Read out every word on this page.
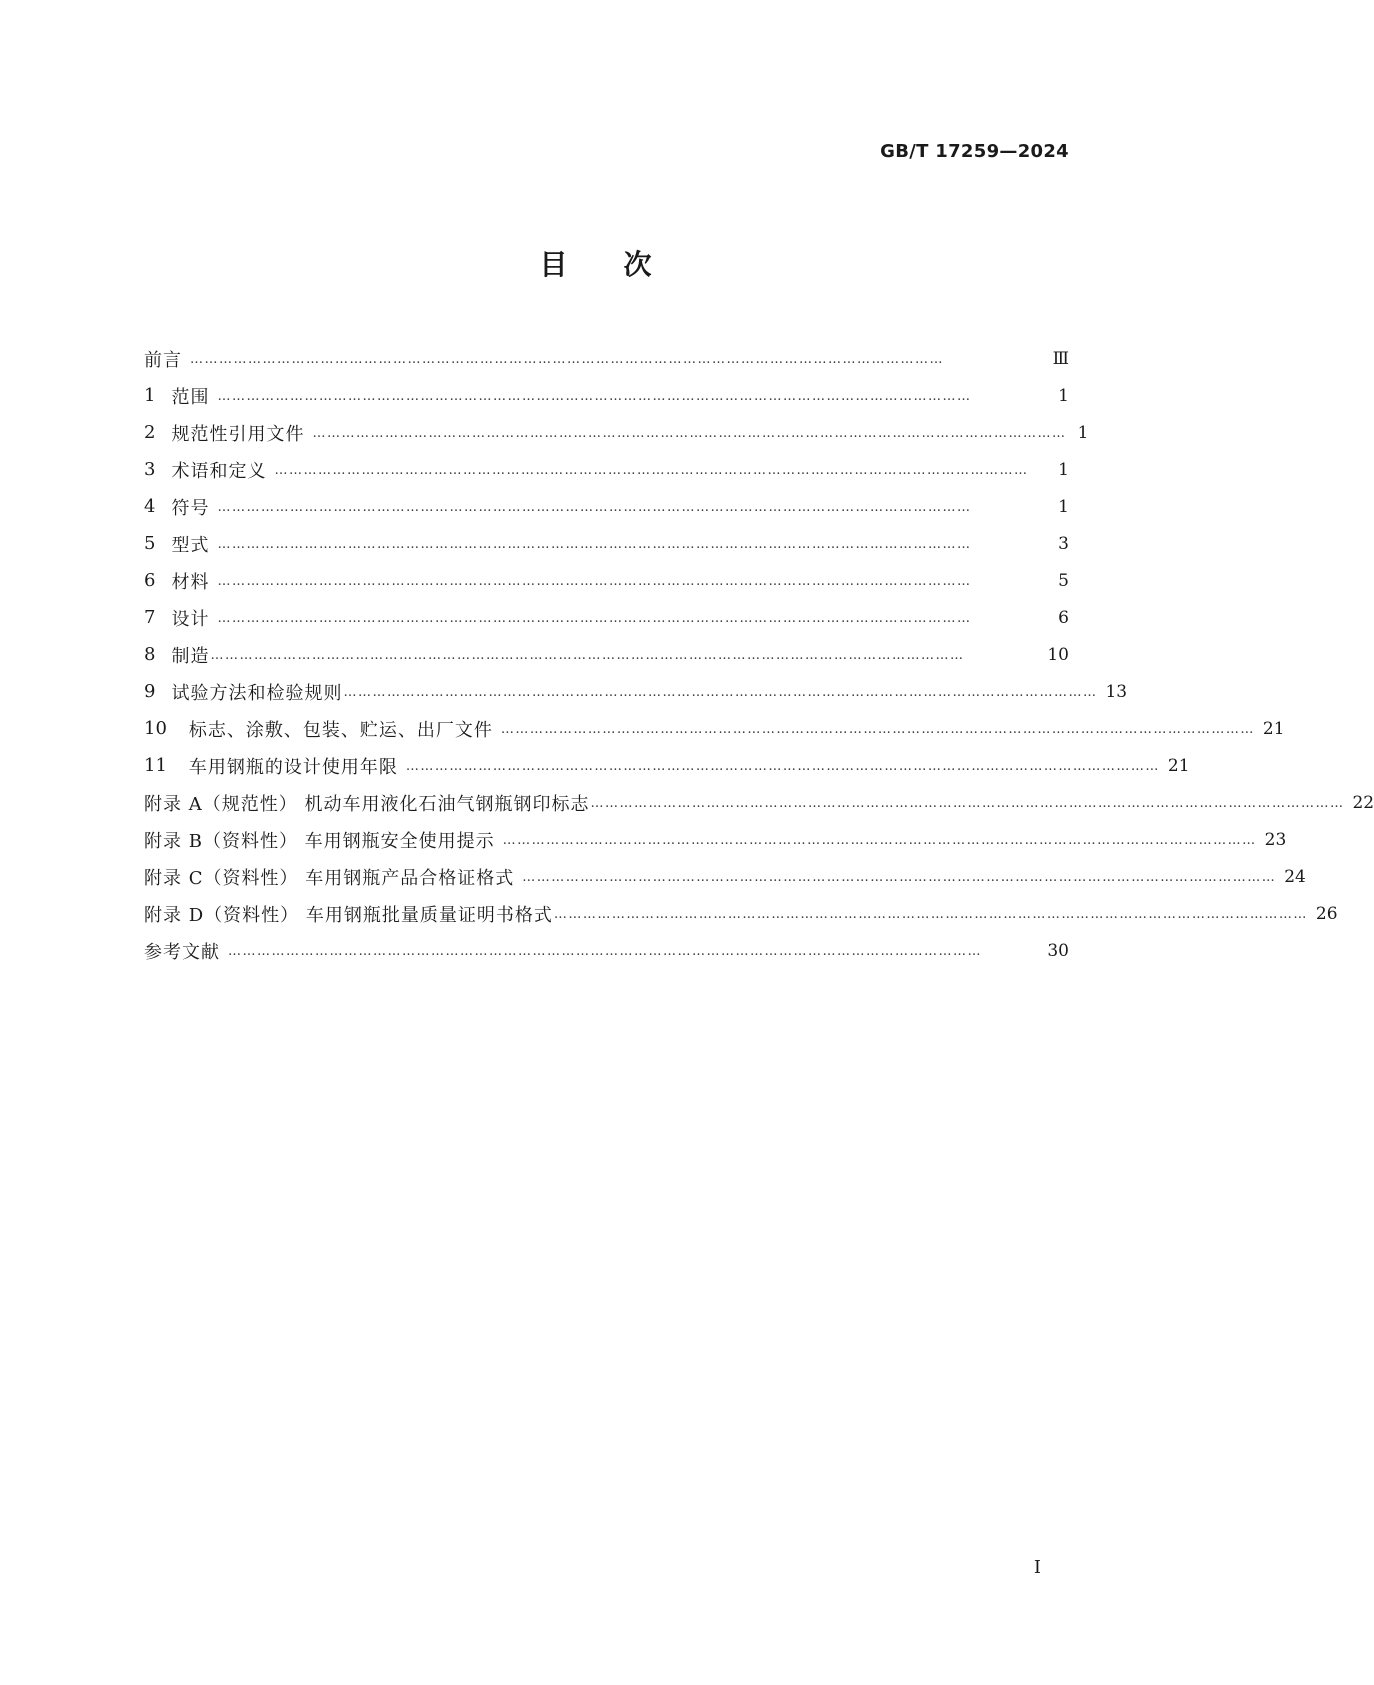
GB/T 17259—2024
目次
前言 …………………………………………………………………………………………………………………………………………	Ⅲ
1 范围 …………………………………………………………………………………………………………………………………………	1
2 规范性引用文件 ………………………………………………………………………………………………………………………………………… 1
3 术语和定义 …………………………………………………………………………………………………………………………………………	1
4 符号 …………………………………………………………………………………………………………………………………………	1
5 型式 …………………………………………………………………………………………………………………………………………	3
6 材料 …………………………………………………………………………………………………………………………………………	5
7 设计 …………………………………………………………………………………………………………………………………………	6
8 制造 …………………………………………………………………………………………………………………………………………	10
9 试验方法和检验规则 ………………………………………………………………………………………………………………………………………… 13
10 标志、涂敷、包装、贮运、出厂文件 ………………………………………………………………………………………………………………………………………… 21
11 车用钢瓶的设计使用年限 ………………………………………………………………………………………………………………………………………… 21
附录 A（规范性） 机动车用液化石油气钢瓶钢印标志 ………………………………………………………………………………………………………………………………………… 22
附录 B（资料性） 车用钢瓶安全使用提示 ………………………………………………………………………………………………………………………………………… 23
附录 C（资料性） 车用钢瓶产品合格证格式 ………………………………………………………………………………………………………………………………………… 24
附录 D（资料性） 车用钢瓶批量质量证明书格式 ………………………………………………………………………………………………………………………………………… 26
参考文献 …………………………………………………………………………………………………………………………………………	30
Ⅰ
